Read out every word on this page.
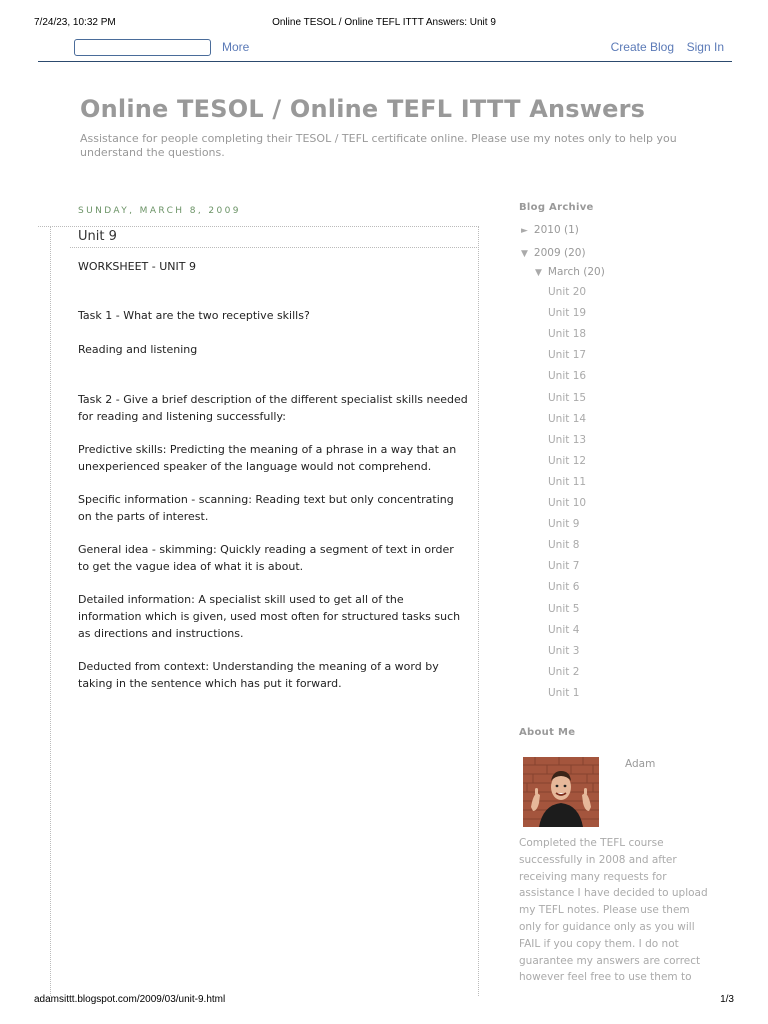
7/24/23, 10:32 PM	Online TESOL / Online TEFL ITTT Answers: Unit 9
More	Create Blog Sign In
Online TESOL / Online TEFL ITTT Answers
Assistance for people completing their TESOL / TEFL certificate online. Please use my notes only to help you understand the questions.
SUNDAY, MARCH 8, 2009
Unit 9

WORKSHEET - UNIT 9

Task 1 - What are the two receptive skills?

Reading and listening

Task 2 - Give a brief description of the different specialist skills needed for reading and listening successfully:

Predictive skills: Predicting the meaning of a phrase in a way that an unexperienced speaker of the language would not comprehend.

Specific information - scanning: Reading text but only concentrating on the parts of interest.

General idea - skimming: Quickly reading a segment of text in order to get the vague idea of what it is about.

Detailed information: A specialist skill used to get all of the information which is given, used most often for structured tasks such as directions and instructions.

Deducted from context: Understanding the meaning of a word by taking in the sentence which has put it forward.

Blog Archive
► 2010 (1)
▼ 2009 (20)
▼ March (20)
Unit 20
Unit 19
Unit 18
Unit 17
Unit 16
Unit 15
Unit 14
Unit 13
Unit 12
Unit 11
Unit 10
Unit 9
Unit 8
Unit 7
Unit 6
Unit 5
Unit 4
Unit 3
Unit 2
Unit 1
About Me
Adam
Completed the TEFL course successfully in 2008 and after receiving many requests for assistance I have decided to upload my TEFL notes. Please use them only for guidance only as you will FAIL if you copy them. I do not guarantee my answers are correct however feel free to use them to
adamsittt.blogspot.com/2009/03/unit-9.html	1/3
